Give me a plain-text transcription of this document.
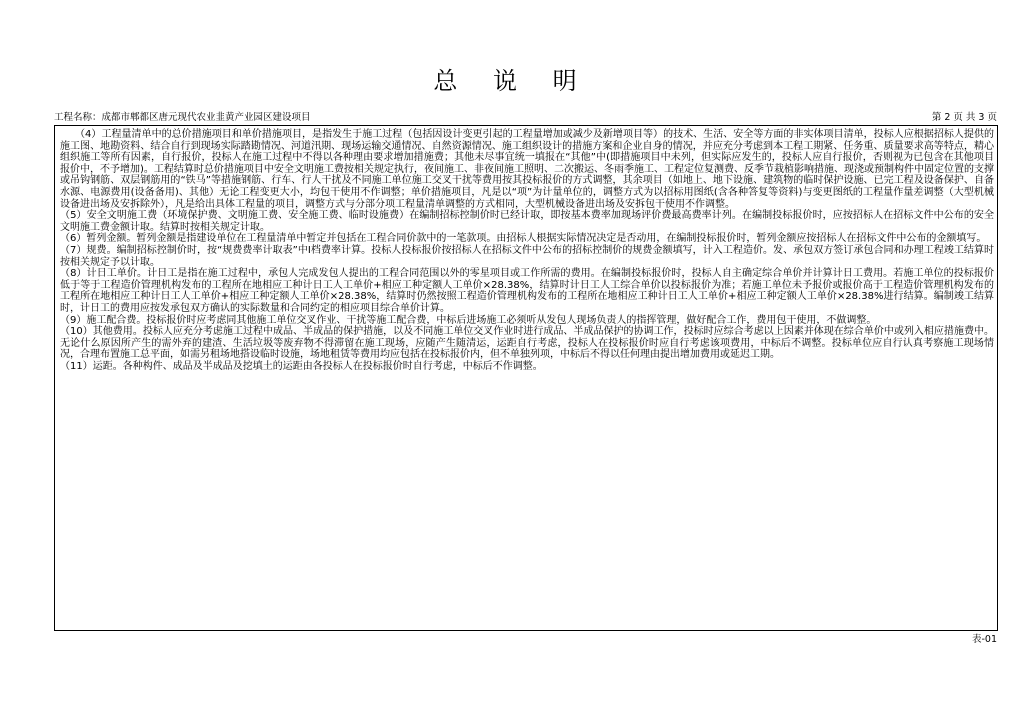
总 说 明
工程名称：成都市郫都区唐元现代农业韭黄产业园区建设项目	第 2 页 共 3 页

（4）工程量清单中的总价措施项目和单价措施项目，是指发生于施工过程（包括因设计变更引起的工程量增加或减少及新增项目等）的技术、生活、安全等方面的非实体项目清单，投标人应根据招标人提供的施工图、地勘资料、结合自行到现场实际踏勘情况、河道汛期、现场运输交通情况、自然资源情况、施工组织设计的措施方案和企业自身的情况，并应充分考虑到本工程工期紧、任务重、质量要求高等特点，精心组织施工等所有因素，自行报价，投标人在施工过程中不得以各种理由要求增加措施费；其他未尽事宜统一填报在“其他”中(即措施项目中未列，但实际应发生的，投标人应自行报价，否则视为已包含在其他项目报价中，不予增加)。工程结算时总价措施项目中安全文明施工费按相关规定执行，夜间施工、非夜间施工照明、二次搬运、冬雨季施工、工程定位复测费、反季节栽植影响措施、现浇或预制构件中固定位置的支撑或吊钩钢筋、双层钢筋用的“铁马”等措施钢筋、行车、行人干扰及不同施工单位施工交叉干扰等费用按其投标报价的方式调整，其余项目（如地上、地下设施、建筑物的临时保护设施、已完工程及设备保护、自备水源、电源费用(设备备用)、其他）无论工程变更大小，均包干使用不作调整；单价措施项目，凡是以“项”为计量单位的，调整方式为以招标用图纸(含各种答复等资料)与变更图纸的工程量作量差调整（大型机械设备进出场及安拆除外），凡是给出具体工程量的项目，调整方式与分部分项工程量清单调整的方式相同，大型机械设备进出场及安拆包干使用不作调整。

（5）安全文明施工费（环境保护费、文明施工费、安全施工费、临时设施费）在编制招标控制价时已经计取，即按基本费率加现场评价费最高费率计列。在编制投标报价时，应按招标人在招标文件中公布的安全文明施工费金额计取。结算时按相关规定计取。

（6）暂列金额。暂列金额是指建设单位在工程量清单中暂定并包括在工程合同价款中的一笔款项。由招标人根据实际情况决定是否动用，在编制投标报价时，暂列金额应按招标人在招标文件中公布的金额填写。

（7）规费。编制招标控制价时，按“规费费率计取表”中I档费率计算。投标人投标报价按招标人在招标文件中公布的招标控制价的规费金额填写，计入工程造价。发、承包双方签订承包合同和办理工程竣工结算时按相关规定予以计取。

（8）计日工单价。计日工是指在施工过程中，承包人完成发包人提出的工程合同范围以外的零星项目或工作所需的费用。在编制投标报价时，投标人自主确定综合单价并计算计日工费用。若施工单位的投标报价低于等于工程造价管理机构发布的工程所在地相应工种计日工人工单价+相应工种定额人工单价×28.38%，结算时计日工人工综合单价以投标报价为准；若施工单位未予报价或报价高于工程造价管理机构发布的工程所在地相应工种计日工人工单价+相应工种定额人工单价×28.38%，结算时仍然按照工程造价管理机构发布的工程所在地相应工种计日工人工单价+相应工种定额人工单价×28.38%进行结算。编制竣工结算时，计日工的费用应按发承包双方确认的实际数量和合同约定的相应项目综合单价计算。

（9）施工配合费。投标报价时应考虑同其他施工单位交叉作业、干扰等施工配合费，中标后进场施工必须听从发包人现场负责人的指挥管理，做好配合工作，费用包干使用，不做调整。

（10）其他费用。投标人应充分考虑施工过程中成品、半成品的保护措施，以及不同施工单位交叉作业时进行成品、半成品保护的协调工作，投标时应综合考虑以上因素并体现在综合单价中或列入相应措施费中。无论什么原因所产生的需外弃的建渣、生活垃圾等废弃物不得滞留在施工现场，应随产生随清运，运距自行考虑，投标人在投标报价时应自行考虑该项费用，中标后不调整。投标单位应自行认真考察施工现场情况，合理布置施工总平面，如需另租场地搭设临时设施，场地租赁等费用均应包括在投标报价内，但不单独列项，中标后不得以任何理由提出增加费用或延迟工期。

（11）运距。各种构件、成品及半成品及挖填土的运距由各投标人在投标报价时自行考虑，中标后不作调整。

表-01
